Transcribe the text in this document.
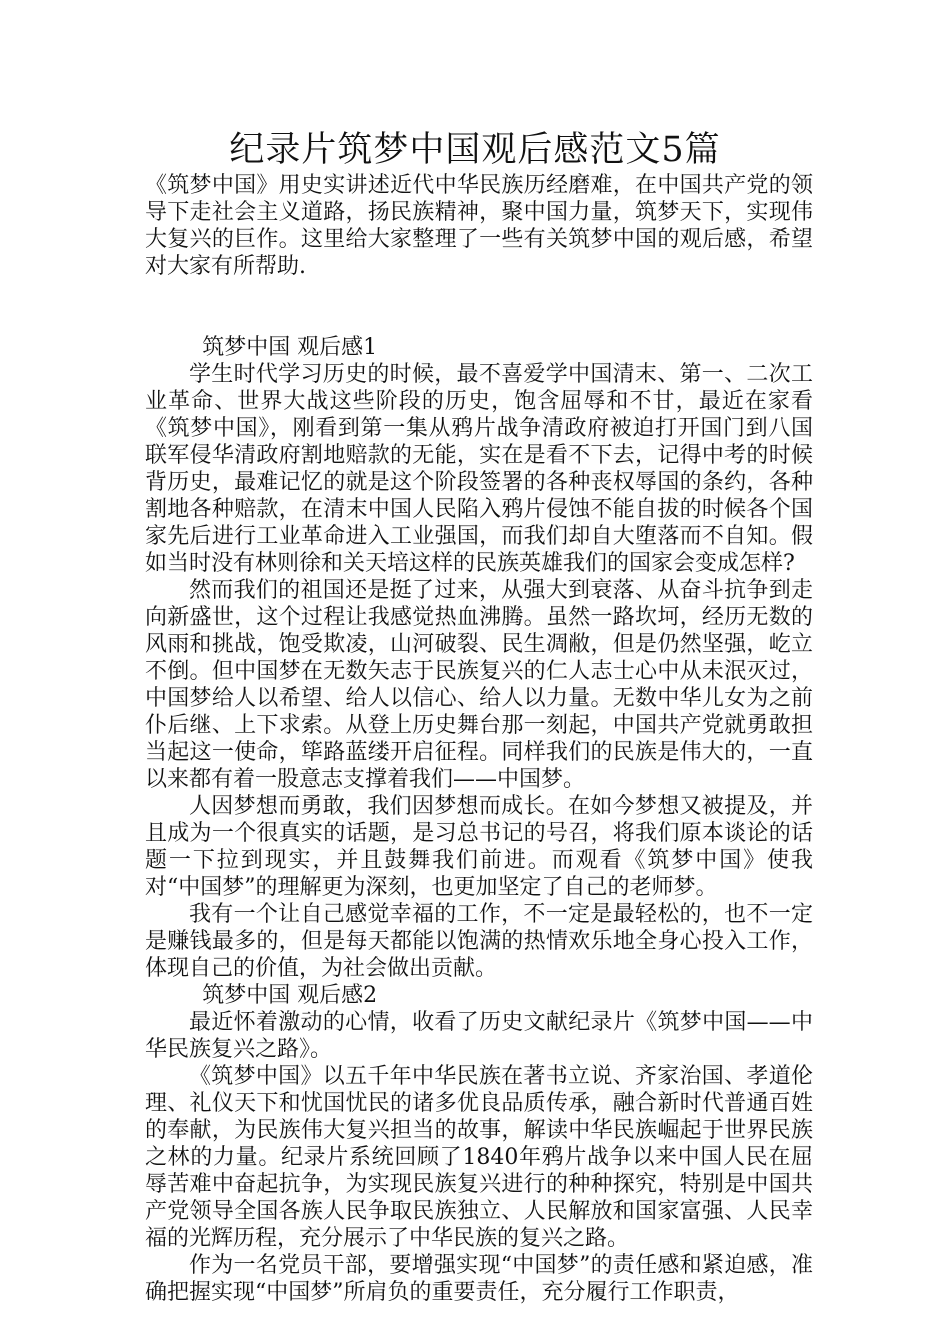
纪录片筑梦中国观后感范文5篇

《筑梦中国》用史实讲述近代中华民族历经磨难，在中国共产党的领导下走社会主义道路，扬民族精神，聚中国力量，筑梦天下，实现伟大复兴的巨作。这里给大家整理了一些有关筑梦中国的观后感，希望对大家有所帮助.

筑梦中国 观后感1

学生时代学习历史的时候，最不喜爱学中国清末、第一、二次工业革命、世界大战这些阶段的历史，饱含屈辱和不甘，最近在家看《筑梦中国》，刚看到第一集从鸦片战争清政府被迫打开国门到八国联军侵华清政府割地赔款的无能，实在是看不下去，记得中考的时候背历史，最难记忆的就是这个阶段签署的各种丧权辱国的条约，各种割地各种赔款，在清末中国人民陷入鸦片侵蚀不能自拔的时候各个国家先后进行工业革命进入工业强国，而我们却自大堕落而不自知。假如当时没有林则徐和关天培这样的民族英雄我们的国家会变成怎样?

然而我们的祖国还是挺了过来，从强大到衰落、从奋斗抗争到走向新盛世，这个过程让我感觉热血沸腾。虽然一路坎坷，经历无数的风雨和挑战，饱受欺凌，山河破裂、民生凋敝，但是仍然坚强，屹立不倒。但中国梦在无数矢志于民族复兴的仁人志士心中从未泯灭过，中国梦给人以希望、给人以信心、给人以力量。无数中华儿女为之前仆后继、上下求索。从登上历史舞台那一刻起，中国共产党就勇敢担当起这一使命，筚路蓝缕开启征程。同样我们的民族是伟大的，一直以来都有着一股意志支撑着我们——中国梦。

人因梦想而勇敢，我们因梦想而成长。在如今梦想又被提及，并且成为一个很真实的话题，是习总书记的号召，将我们原本谈论的话题一下拉到现实，并且鼓舞我们前进。而观看《筑梦中国》使我对“中国梦”的理解更为深刻，也更加坚定了自己的老师梦。

我有一个让自己感觉幸福的工作，不一定是最轻松的，也不一定是赚钱最多的，但是每天都能以饱满的热情欢乐地全身心投入工作，体现自己的价值，为社会做出贡献。

筑梦中国 观后感2

最近怀着激动的心情，收看了历史文献纪录片《筑梦中国——中华民族复兴之路》。

《筑梦中国》以五千年中华民族在著书立说、齐家治国、孝道伦理、礼仪天下和忧国忧民的诸多优良品质传承，融合新时代普通百姓的奉献，为民族伟大复兴担当的故事，解读中华民族崛起于世界民族之林的力量。纪录片系统回顾了1840年鸦片战争以来中国人民在屈辱苦难中奋起抗争，为实现民族复兴进行的种种探究，特别是中国共产党领导全国各族人民争取民族独立、人民解放和国家富强、人民幸福的光辉历程，充分展示了中华民族的复兴之路。

作为一名党员干部，要增强实现“中国梦”的责任感和紧迫感，准确把握实现“中国梦”所肩负的重要责任，充分履行工作职责，
